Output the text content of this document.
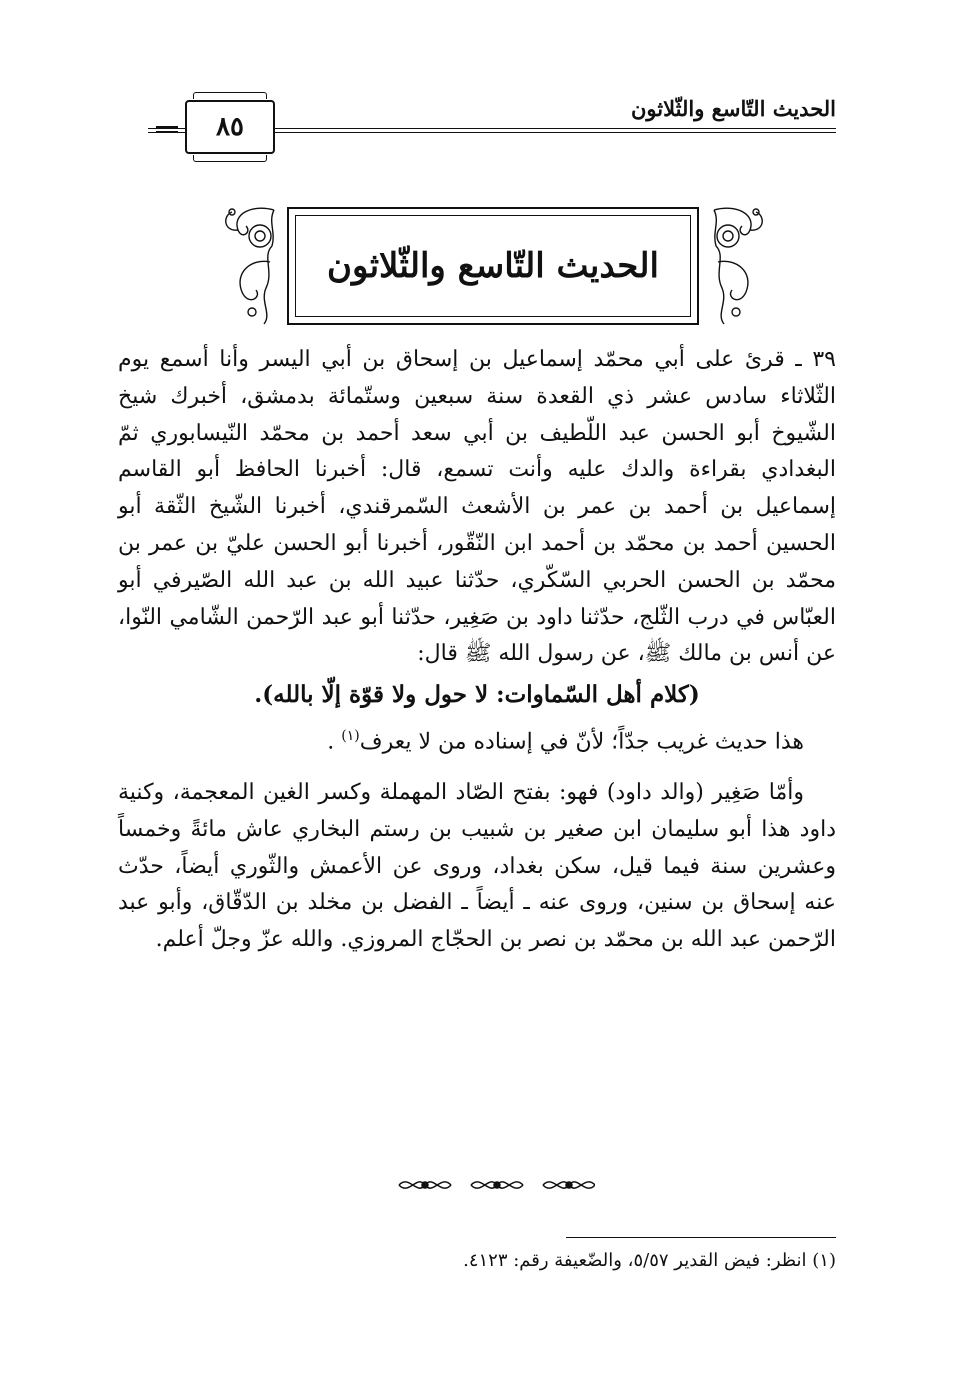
الحديث التّاسع والثّلاثون
٨٥
الحديث التّاسع والثّلاثون

٣٩ ـ قرئ على أبي محمّد إسماعيل بن إسحاق بن أبي اليسر وأنا أسمع يوم الثّلاثاء سادس عشر ذي القعدة سنة سبعين وستّمائة بدمشق، أخبرك شيخ الشّيوخ أبو الحسن عبد اللّطيف بن أبي سعد أحمد بن محمّد النّيسابوري ثمّ البغدادي بقراءة والدك عليه وأنت تسمع، قال: أخبرنا الحافظ أبو القاسم إسماعيل بن أحمد بن عمر بن الأشعث السّمرقندي، أخبرنا الشّيخ الثّقة أبو الحسين أحمد بن محمّد بن أحمد ابن النّقّور، أخبرنا أبو الحسن عليّ بن عمر بن محمّد بن الحسن الحربي السّكّري، حدّثنا عبيد الله بن عبد الله الصّيرفي أبو العبّاس في درب الثّلج، حدّثنا داود بن صَغِير، حدّثنا أبو عبد الرّحمن الشّامي النّوا، عن أنس بن مالك ﷺ، عن رسول الله ﷺ قال:

(كلام أهل السّماوات: لا حول ولا قوّة إلّا بالله).

هذا حديث غريب جدّاً؛ لأنّ في إسناده من لا يعرف$^{(١)}$ .

وأمّا صَغِير (والد داود) فهو: بفتح الصّاد المهملة وكسر الغين المعجمة، وكنية داود هذا أبو سليمان ابن صغير بن شبيب بن رستم البخاري عاش مائةً وخمساً وعشرين سنة فيما قيل، سكن بغداد، وروى عن الأعمش والثّوري أيضاً، حدّث عنه إسحاق بن سنين، وروى عنه ـ أيضاً ـ الفضل بن مخلد بن الدّقّاق، وأبو عبد الرّحمن عبد الله بن محمّد بن نصر بن الحجّاج المروزي. والله عزّ وجلّ أعلم.

(١) انظر: فيض القدير ٥/٥٧، والضّعيفة رقم: ٤١٢٣.
